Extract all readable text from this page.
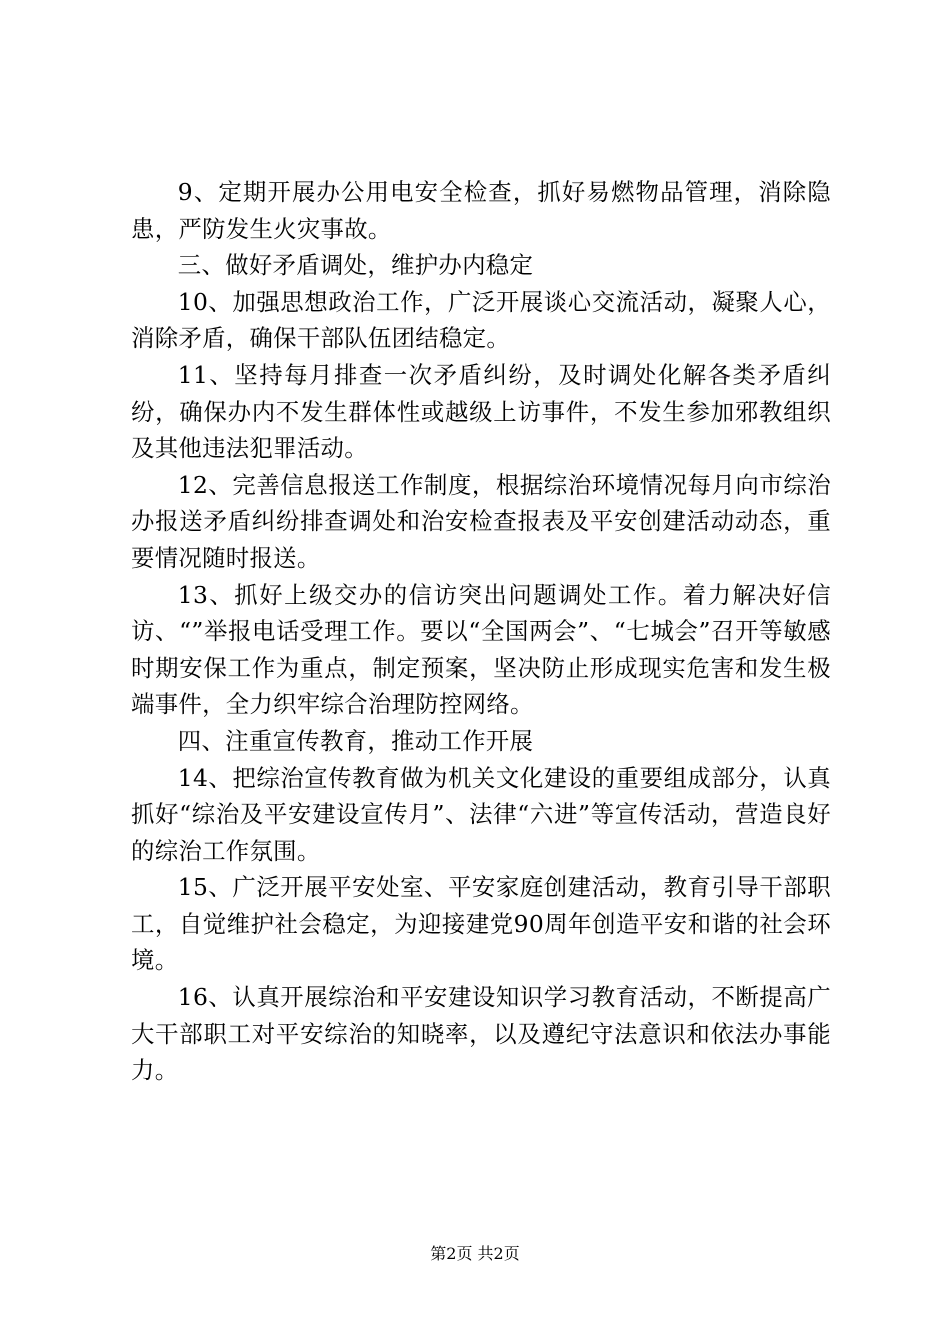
9、定期开展办公用电安全检查，抓好易燃物品管理，消除隐患，严防发生火灾事故。

三、做好矛盾调处，维护办内稳定

10、加强思想政治工作，广泛开展谈心交流活动，凝聚人心，消除矛盾，确保干部队伍团结稳定。

11、坚持每月排查一次矛盾纠纷，及时调处化解各类矛盾纠纷，确保办内不发生群体性或越级上访事件，不发生参加邪教组织及其他违法犯罪活动。

12、完善信息报送工作制度，根据综治环境情况每月向市综治办报送矛盾纠纷排查调处和治安检查报表及平安创建活动动态，重要情况随时报送。

13、抓好上级交办的信访突出问题调处工作。着力解决好信访、“”举报电话受理工作。要以“全国两会”、“七城会”召开等敏感时期安保工作为重点，制定预案，坚决防止形成现实危害和发生极端事件，全力织牢综合治理防控网络。

四、注重宣传教育，推动工作开展

14、把综治宣传教育做为机关文化建设的重要组成部分，认真抓好“综治及平安建设宣传月”、法律“六进”等宣传活动，营造良好的综治工作氛围。

15、广泛开展平安处室、平安家庭创建活动，教育引导干部职工，自觉维护社会稳定，为迎接建党90周年创造平安和谐的社会环境。

16、认真开展综治和平安建设知识学习教育活动，不断提高广大干部职工对平安综治的知晓率，以及遵纪守法意识和依法办事能力。

第2页 共2页
